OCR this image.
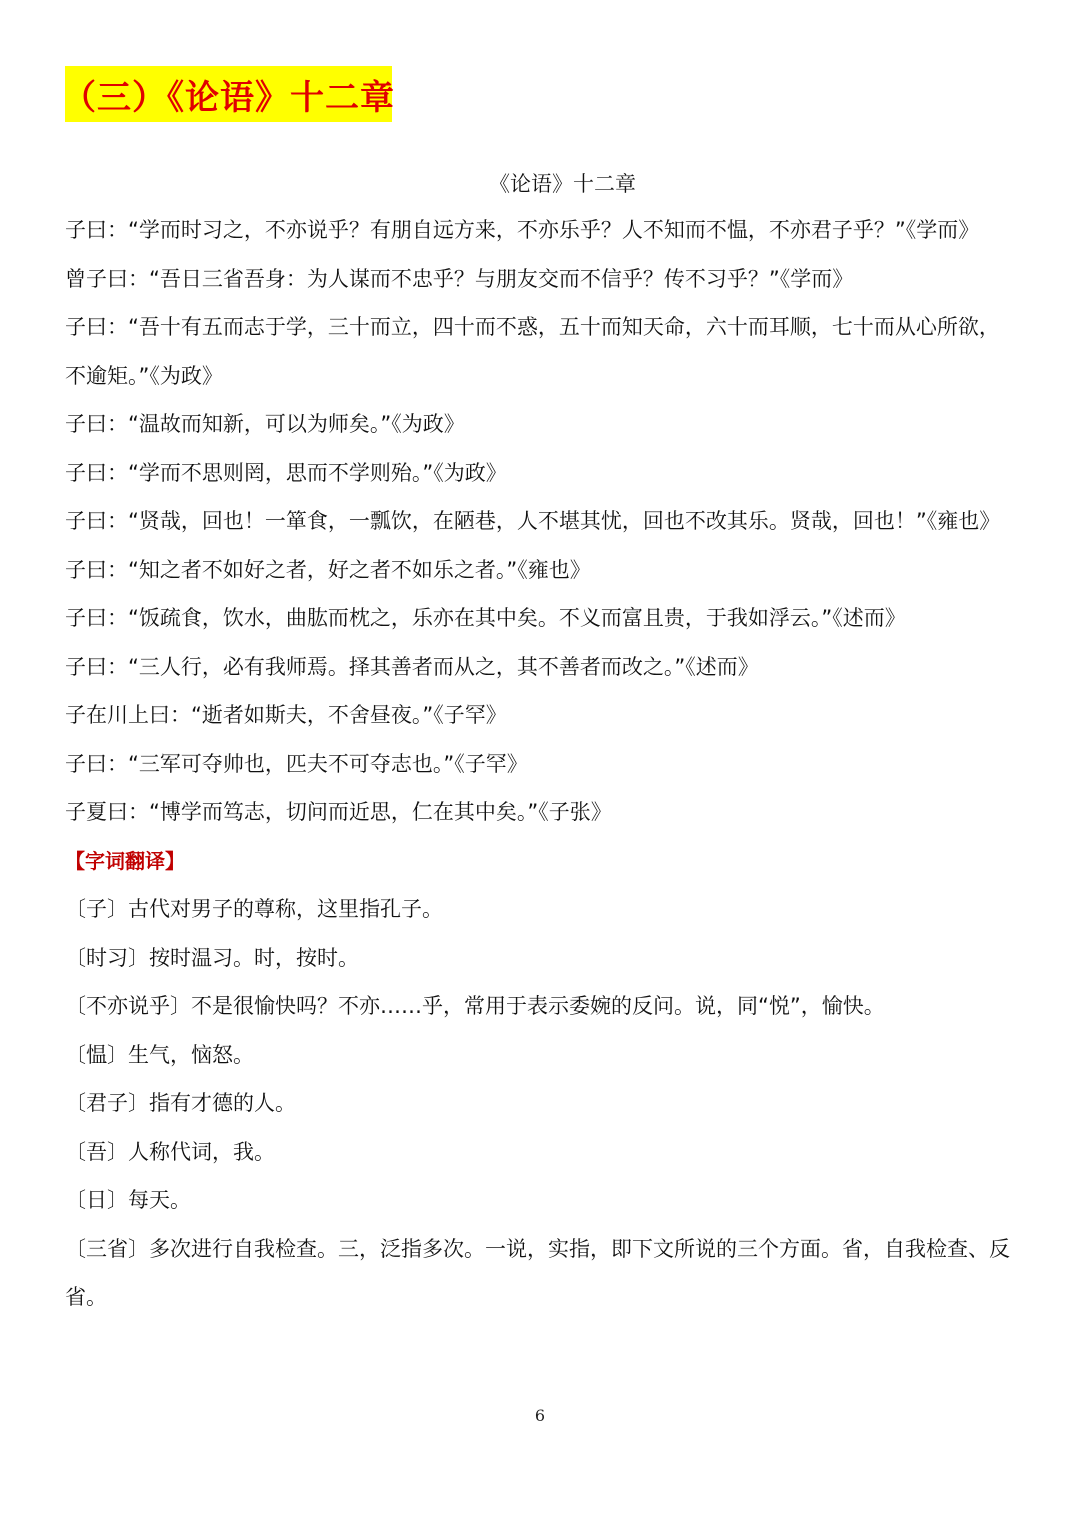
（三）《论语》十二章
《论语》十二章

子曰：“学而时习之，不亦说乎？有朋自远方来，不亦乐乎？人不知而不愠，不亦君子乎？”《学而》

曾子曰：“吾日三省吾身：为人谋而不忠乎？与朋友交而不信乎？传不习乎？”《学而》

子曰：“吾十有五而志于学，三十而立，四十而不惑，五十而知天命，六十而耳顺，七十而从心所欲，不逾矩。”《为政》

子曰：“温故而知新，可以为师矣。”《为政》

子曰：“学而不思则罔，思而不学则殆。”《为政》

子曰：“贤哉，回也！一箪食，一瓢饮，在陋巷，人不堪其忧，回也不改其乐。贤哉，回也！”《雍也》

子曰：“知之者不如好之者，好之者不如乐之者。”《雍也》

子曰：“饭疏食，饮水，曲肱而枕之，乐亦在其中矣。不义而富且贵，于我如浮云。”《述而》

子曰：“三人行，必有我师焉。择其善者而从之，其不善者而改之。”《述而》

子在川上曰：“逝者如斯夫，不舍昼夜。”《子罕》

子曰：“三军可夺帅也，匹夫不可夺志也。”《子罕》

子夏曰：“博学而笃志，切问而近思，仁在其中矣。”《子张》

【字词翻译】

〔子〕古代对男子的尊称，这里指孔子。

〔时习〕按时温习。时，按时。

〔不亦说乎〕不是很愉快吗？不亦……乎，常用于表示委婉的反问。说，同“悦”，愉快。

〔愠〕生气，恼怒。

〔君子〕指有才德的人。

〔吾〕人称代词，我。

〔日〕每天。

〔三省〕多次进行自我检查。三，泛指多次。一说，实指，即下文所说的三个方面。省，自我检查、反省。

6
